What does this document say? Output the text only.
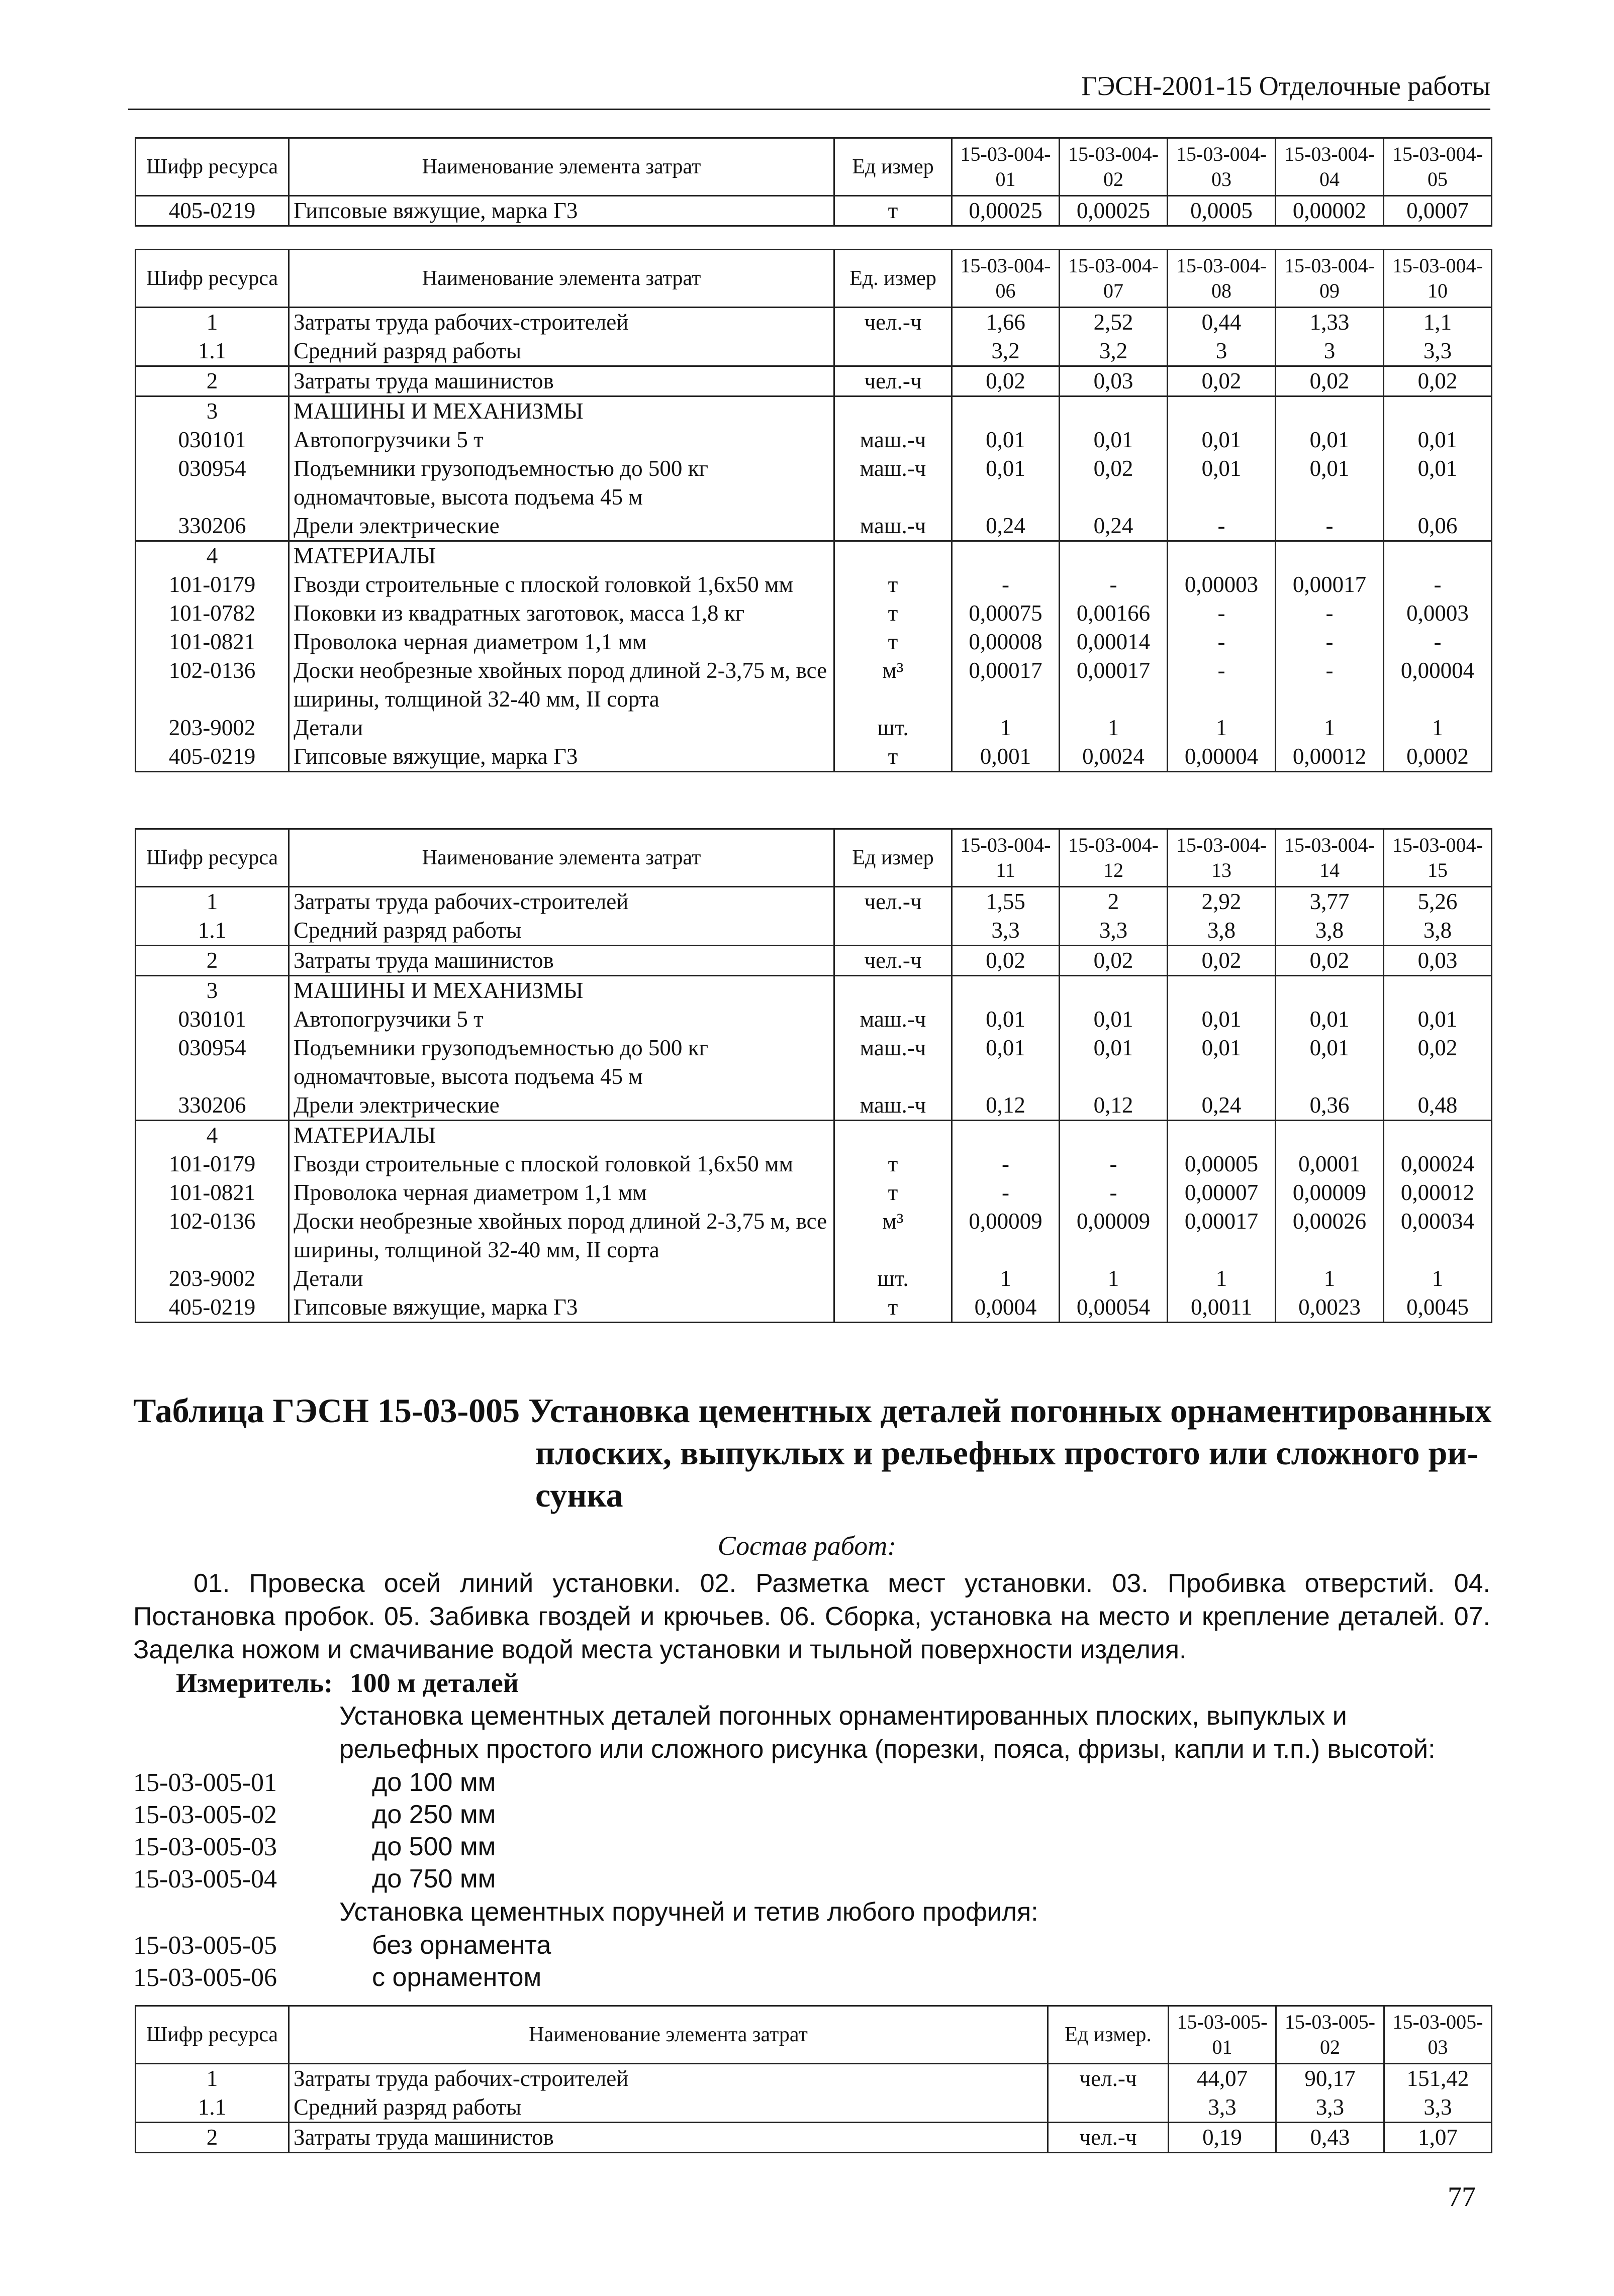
ГЭСН-2001-15 Отделочные работы
Шифр ресурса	Наименование элемента затрат	Ед измер	15-03-004-01	15-03-004-02	15-03-004-03	15-03-004-04	15-03-004-05
405-0219	Гипсовые вяжущие, марка Г3	т	0,00025	0,00025	0,0005	0,00002	0,0007
Шифр ресурса	Наименование элемента затрат	Ед. измер	15-03-004-06	15-03-004-07	15-03-004-08	15-03-004-09	15-03-004-10
1	Затраты труда рабочих-строителей	чел.-ч	1,66	2,52	0,44	1,33	1,1
1.1	Средний разряд работы		3,2	3,2	3	3	3,3
2	Затраты труда машинистов	чел.-ч	0,02	0,03	0,02	0,02	0,02
3	МАШИНЫ И МЕХАНИЗМЫ						
030101	Автопогрузчики 5 т	маш.-ч	0,01	0,01	0,01	0,01	0,01
030954	Подъемники грузоподъемностью до 500 кг одномачтовые, высота подъема 45 м	маш.-ч	0,01	0,02	0,01	0,01	0,01
330206	Дрели электрические	маш.-ч	0,24	0,24	-	-	0,06
4	МАТЕРИАЛЫ						
101-0179	Гвозди строительные с плоской головкой 1,6х50 мм	т	-	-	0,00003	0,00017	-
101-0782	Поковки из квадратных заготовок, масса 1,8 кг	т	0,00075	0,00166	-	-	0,0003
101-0821	Проволока черная диаметром 1,1 мм	т	0,00008	0,00014	-	-	-
102-0136	Доски необрезные хвойных пород длиной 2-3,75 м, все ширины, толщиной 32-40 мм, II сорта	м³	0,00017	0,00017	-	-	0,00004
203-9002	Детали	шт.	1	1	1	1	1
405-0219	Гипсовые вяжущие, марка Г3	т	0,001	0,0024	0,00004	0,00012	0,0002
Шифр ресурса	Наименование элемента затрат	Ед измер	15-03-004-11	15-03-004-12	15-03-004-13	15-03-004-14	15-03-004-15
1	Затраты труда рабочих-строителей	чел.-ч	1,55	2	2,92	3,77	5,26
1.1	Средний разряд работы		3,3	3,3	3,8	3,8	3,8
2	Затраты труда машинистов	чел.-ч	0,02	0,02	0,02	0,02	0,03
3	МАШИНЫ И МЕХАНИЗМЫ						
030101	Автопогрузчики 5 т	маш.-ч	0,01	0,01	0,01	0,01	0,01
030954	Подъемники грузоподъемностью до 500 кг одномачтовые, высота подъема 45 м	маш.-ч	0,01	0,01	0,01	0,01	0,02
330206	Дрели электрические	маш.-ч	0,12	0,12	0,24	0,36	0,48
4	МАТЕРИАЛЫ						
101-0179	Гвозди строительные с плоской головкой 1,6х50 мм	т	-	-	0,00005	0,0001	0,00024
101-0821	Проволока черная диаметром 1,1 мм	т	-	-	0,00007	0,00009	0,00012
102-0136	Доски необрезные хвойных пород длиной 2-3,75 м, все ширины, толщиной 32-40 мм, II сорта	м³	0,00009	0,00009	0,00017	0,00026	0,00034
203-9002	Детали	шт.	1	1	1	1	1
405-0219	Гипсовые вяжущие, марка Г3	т	0,0004	0,00054	0,0011	0,0023	0,0045
Таблица ГЭСН 15-03-005 Установка цементных деталей погонных орнаментированных
плоских, выпуклых и рельефных простого или сложного ри-
сунка
Состав работ:
01. Провеска осей линий установки. 02. Разметка мест установки. 03. Пробивка отверстий. 04. Постановка пробок. 05. Забивка гвоздей и крючьев. 06. Сборка, установка на место и крепление деталей. 07. Заделка ножом и смачивание водой места установки и тыльной поверхности изделия.
Измеритель: 100 м деталей
Установка цементных деталей погонных орнаментированных плоских, выпуклых и рельефных простого или сложного рисунка (порезки, пояса, фризы, капли и т.п.) высотой:
15-03-005-01	до 100 мм
15-03-005-02	до 250 мм
15-03-005-03	до 500 мм
15-03-005-04	до 750 мм
Установка цементных поручней и тетив любого профиля:
15-03-005-05	без орнамента
15-03-005-06	с орнаментом
Шифр ресурса	Наименование элемента затрат	Ед измер.	15-03-005-01	15-03-005-02	15-03-005-03
1	Затраты труда рабочих-строителей	чел.-ч	44,07	90,17	151,42
1.1	Средний разряд работы		3,3	3,3	3,3
2	Затраты труда машинистов	чел.-ч	0,19	0,43	1,07
77
